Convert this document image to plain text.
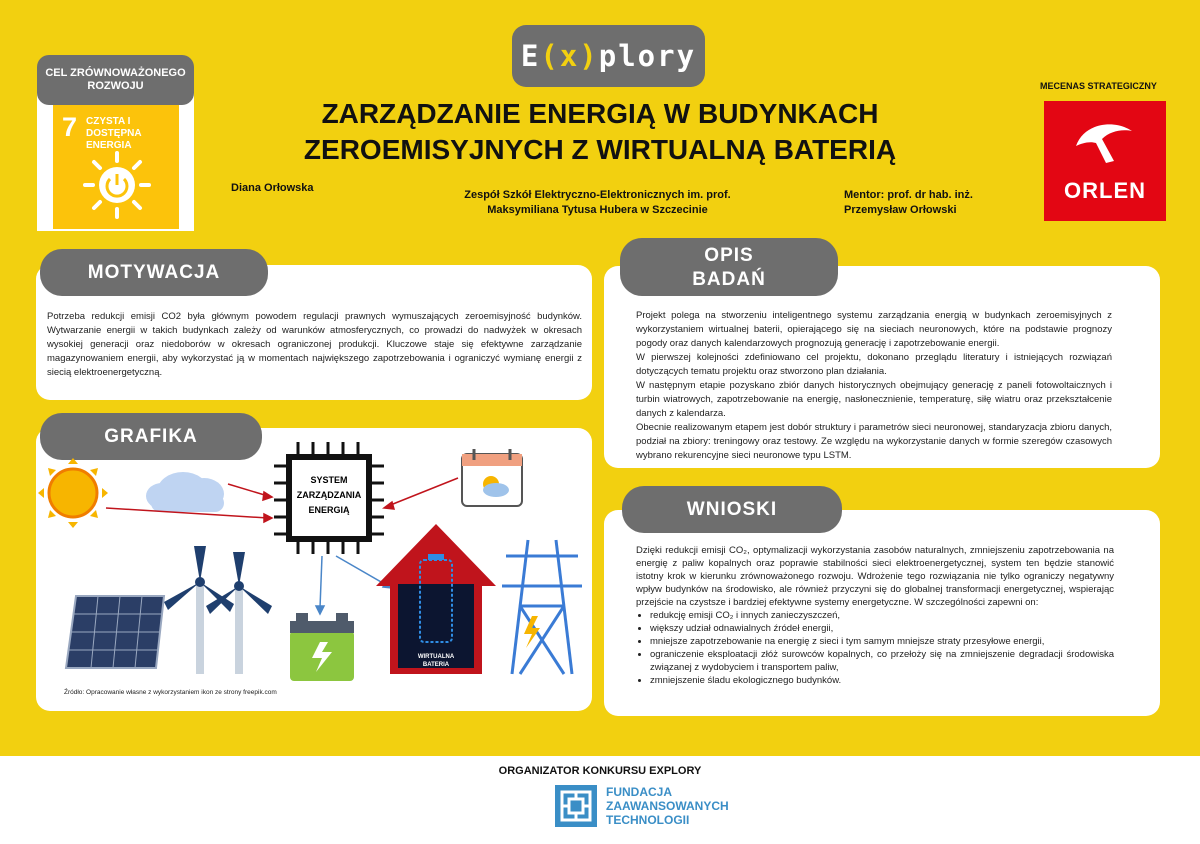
E (x) plory
CEL ZRÓWNOWAŻONEGO ROZWOJU
7 CZYSTA I DOSTĘPNA ENERGIA
ZARZĄDZANIE ENERGIĄ W BUDYNKACH
ZEROEMISYJNYCH Z WIRTUALNĄ BATERIĄ
Diana Orłowska
Zespół Szkół Elektryczno-Elektronicznych im. prof.
Maksymiliana Tytusa Hubera w Szczecinie
Mentor: prof. dr hab. inż.
Przemysław Orłowski
MECENAS STRATEGICZNY
ORLEN
MOTYWACJA
Potrzeba redukcji emisji CO2 była głównym powodem regulacji prawnych wymuszających zeroemisyjność budynków. Wytwarzanie energii w takich budynkach zależy od warunków atmosferycznych, co prowadzi do nadwyżek w okresach wysokiej generacji oraz niedoborów w okresach ograniczonej produkcji. Kluczowe staje się efektywne zarządzanie magazynowaniem energii, aby wykorzystać ją w momentach największego zapotrzebowania i ograniczyć wymianę energii z siecią elektroenergetyczną.
GRAFIKA
SYSTEM
ZARZĄDZANIA
ENERGIĄ
WIRTUALNA
BATERIA
Źródło: Opracowanie własne z wykorzystaniem ikon ze strony freepik.com
OPIS
BADAŃ

Projekt polega na stworzeniu inteligentnego systemu zarządzania energią w budynkach zeroemisyjnych z wykorzystaniem wirtualnej baterii, opierającego się na sieciach neuronowych, które na podstawie prognozy pogody oraz danych kalendarzowych prognozują generację i zapotrzebowanie energii.

W pierwszej kolejności zdefiniowano cel projektu, dokonano przeglądu literatury i istniejących rozwiązań dotyczących tematu projektu oraz stworzono plan działania.

W następnym etapie pozyskano zbiór danych historycznych obejmujący generację z paneli fotowoltaicznych i turbin wiatrowych, zapotrzebowanie na energię, nasłonecznienie, temperaturę, siłę wiatru oraz przekształcenie danych z kalendarza.

Obecnie realizowanym etapem jest dobór struktury i parametrów sieci neuronowej, standaryzacja zbioru danych, podział na zbiory: treningowy oraz testowy. Ze względu na wykorzystanie danych w formie szeregów czasowych wybrano rekurencyjne sieci neuronowe typu LSTM.

WNIOSKI

Dzięki redukcji emisji CO₂, optymalizacji wykorzystania zasobów naturalnych, zmniejszeniu zapotrzebowania na energię z paliw kopalnych oraz poprawie stabilności sieci elektroenergetycznej, system ten będzie stanowić istotny krok w kierunku zrównoważonego rozwoju. Wdrożenie tego rozwiązania nie tylko ograniczy negatywny wpływ budynków na środowisko, ale również przyczyni się do globalnej transformacji energetycznej, wspierając przejście na czystsze i bardziej efektywne systemy energetyczne. W szczególności zapewni on:

• redukcję emisji CO₂ i innych zanieczyszczeń,
• większy udział odnawialnych źródeł energii,
• mniejsze zapotrzebowanie na energię z sieci i tym samym mniejsze straty przesyłowe energii,
• ograniczenie eksploatacji złóż surowców kopalnych, co przełoży się na zmniejszenie degradacji środowiska związanej z wydobyciem i transportem paliw,
• zmniejszenie śladu ekologicznego budynków.
ORGANIZATOR KONKURSU EXPLORY
FUNDACJA
ZAAWANSOWANYCH
TECHNOLOGII
